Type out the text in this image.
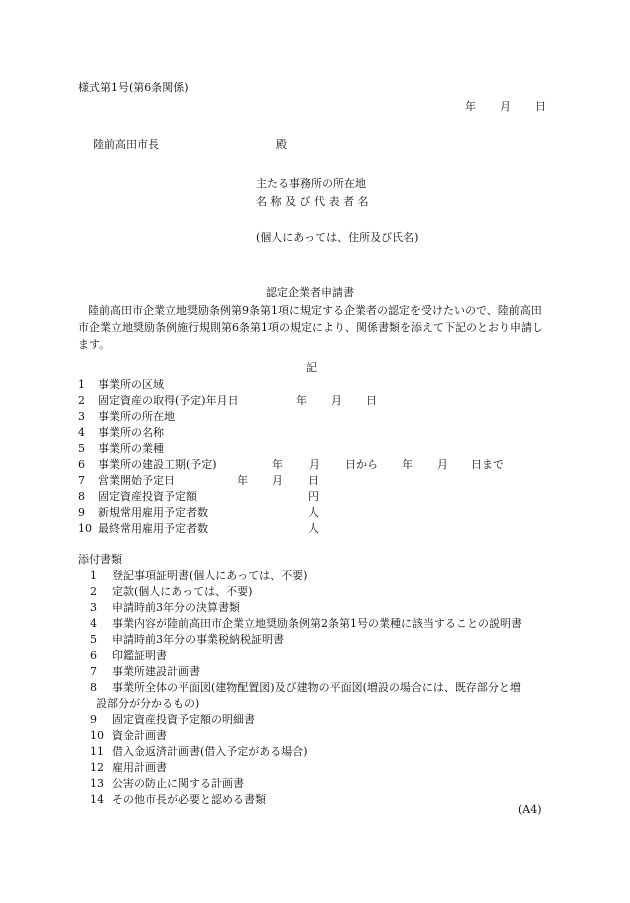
様式第1号(第6条関係)
年 月 日
陸前高田市長	殿
主たる事務所の所在地
名 称 及 び 代 表 者 名
(個人にあっては、住所及び氏名)
認定企業者申請書
陸前高田市企業立地奨励条例第9条第1項に規定する企業者の認定を受けたいので、陸前高田市企業立地奨励条例施行規則第6条第1項の規定により、関係書類を添えて下記のとおり申請します。
記
1 事業所の区域
2 固定資産の取得(予定)年月日	年 月 日
3 事業所の所在地
4 事業所の名称
5 事業所の業種
6 事業所の建設工期(予定)	年 月 日から 年 月 日まで
7 営業開始予定日	年 月 日
8 固定資産投資予定額	円
9 新規常用雇用予定者数	人
10 最終常用雇用予定者数	人
添付書類
1 登記事項証明書(個人にあっては、不要)
2 定款(個人にあっては、不要)
3 申請時前3年分の決算書類
4 事業内容が陸前高田市企業立地奨励条例第2条第1号の業種に該当することの説明書
5 申請時前3年分の事業税納税証明書
6 印鑑証明書
7 事業所建設計画書
8 事業所全体の平面図(建物配置図)及び建物の平面図(増設の場合には、既存部分と増
設部分が分かるもの)
9 固定資産投資予定額の明細書
10 資金計画書
11 借入金返済計画書(借入予定がある場合)
12 雇用計画書
13 公害の防止に関する計画書
14 その他市長が必要と認める書類
(A4)
